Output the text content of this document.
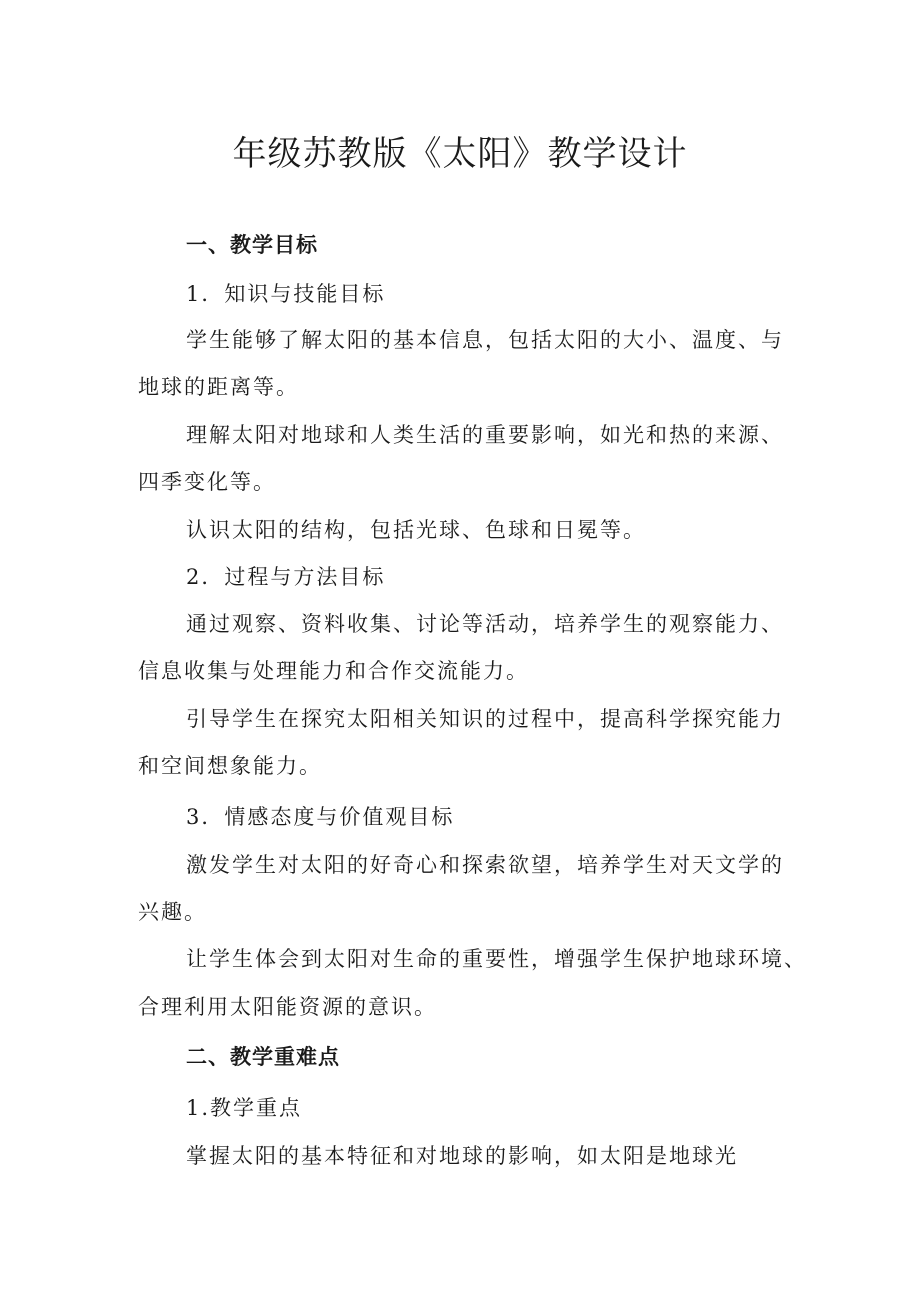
年级苏教版《太阳》教学设计

一、教学目标

1．知识与技能目标

学生能够了解太阳的基本信息，包括太阳的大小、温度、与

地球的距离等。

理解太阳对地球和人类生活的重要影响，如光和热的来源、

四季变化等。

认识太阳的结构，包括光球、色球和日冕等。

2．过程与方法目标

通过观察、资料收集、讨论等活动，培养学生的观察能力、

信息收集与处理能力和合作交流能力。

引导学生在探究太阳相关知识的过程中，提高科学探究能力

和空间想象能力。

3．情感态度与价值观目标

激发学生对太阳的好奇心和探索欲望，培养学生对天文学的

兴趣。

让学生体会到太阳对生命的重要性，增强学生保护地球环境、

合理利用太阳能资源的意识。

二、教学重难点

1.教学重点

掌握太阳的基本特征和对地球的影响，如太阳是地球光
